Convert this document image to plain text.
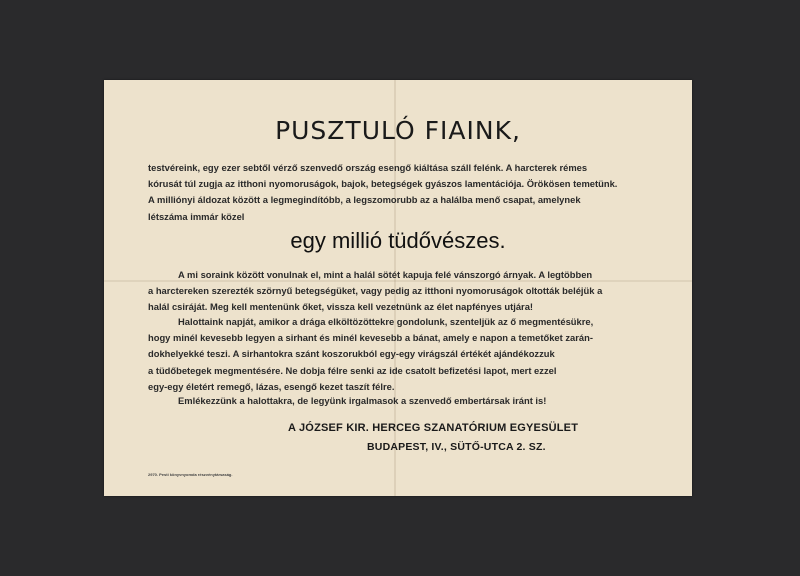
PUSZTULÓ FIAINK,
testvéreink, egy ezer sebtől vérző szenvedő ország esengő kiáltása száll felénk. A harcterek rémes
kórusát túl zugja az itthoni nyomoruságok, bajok, betegségek gyászos lamentációja. Örökösen temetünk.
A milliónyi áldozat között a legmegindítóbb, a legszomorubb az a halálba menő csapat, amelynek
létszáma immár közel
egy millió tüdővészes.
A mi soraink között vonulnak el, mint a halál sötét kapuja felé vánszorgó árnyak. A legtöbben
a harctereken szerezték szörnyű betegségüket, vagy pedig az itthoni nyomoruságok oltották beléjük a
halál csiráját. Meg kell mentenünk őket, vissza kell vezetnünk az élet napfényes utjára!
Halottaink napját, amikor a drága elköltözöttekre gondolunk, szenteljük az ő megmentésükre,
hogy minél kevesebb legyen a sirhant és minél kevesebb a bánat, amely e napon a temetőket zarán-
dokhelyekké teszi. A sirhantokra szánt koszorukból egy-egy virágszál értékét ajándékozzuk
a tüdőbetegek megmentésére. Ne dobja félre senki az ide csatolt befizetési lapot, mert ezzel
egy-egy életért remegő, lázas, esengő kezet taszít félre.
Emlékezzünk a halottakra, de legyünk irgalmasok a szenvedő embertársak iránt is!
A JÓZSEF KIR. HERCEG SZANATÓRIUM EGYESÜLET
BUDAPEST, IV., SÜTŐ-UTCA 2. SZ.
2970. Pesti könyvnyomda részvénytársaság.
